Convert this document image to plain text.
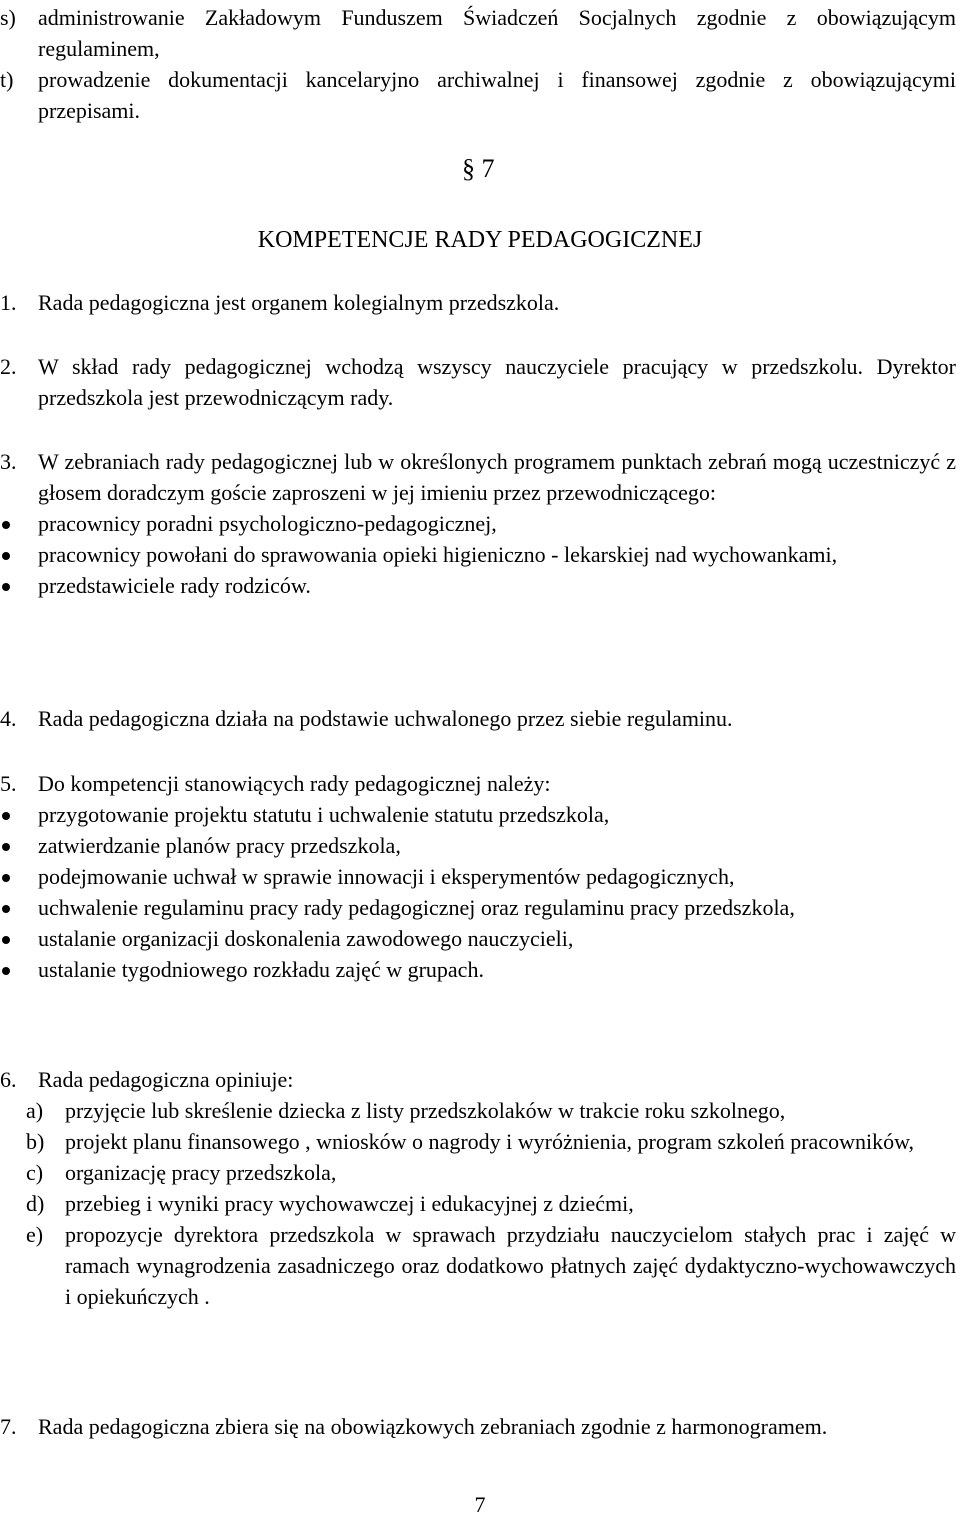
s) administrowanie Zakładowym Funduszem Świadczeń Socjalnych zgodnie z obowiązującym regulaminem,
t) prowadzenie dokumentacji kancelaryjno archiwalnej i finansowej zgodnie z obowiązującymi przepisami.
§ 7
KOMPETENCJE RADY PEDAGOGICZNEJ
1. Rada pedagogiczna jest organem kolegialnym przedszkola.
2. W skład rady pedagogicznej wchodzą wszyscy nauczyciele pracujący w przedszkolu. Dyrektor przedszkola jest przewodniczącym rady.
3. W zebraniach rady pedagogicznej lub w określonych programem punktach zebrań mogą uczestniczyć z głosem doradczym goście zaproszeni w jej imieniu przez przewodniczącego:
pracownicy poradni psychologiczno-pedagogicznej,
pracownicy powołani do sprawowania opieki higieniczno - lekarskiej nad wychowankami,
przedstawiciele rady rodziców.
4. Rada pedagogiczna działa na podstawie uchwalonego przez siebie regulaminu.
5. Do kompetencji stanowiących rady pedagogicznej należy:
przygotowanie projektu statutu i uchwalenie statutu przedszkola,
zatwierdzanie planów pracy przedszkola,
podejmowanie uchwał w sprawie innowacji i eksperymentów pedagogicznych,
uchwalenie regulaminu pracy rady pedagogicznej oraz regulaminu pracy przedszkola,
ustalanie organizacji doskonalenia zawodowego nauczycieli,
ustalanie tygodniowego rozkładu zajęć w grupach.
6. Rada pedagogiczna opiniuje:
a) przyjęcie lub skreślenie dziecka z listy przedszkolaków w trakcie roku szkolnego,
b) projekt planu finansowego , wniosków o nagrody i wyróżnienia, program szkoleń pracowników,
c) organizację pracy przedszkola,
d) przebieg i wyniki pracy wychowawczej i edukacyjnej z dziećmi,
e) propozycje dyrektora przedszkola w sprawach przydziału nauczycielom stałych prac i zajęć w ramach wynagrodzenia zasadniczego oraz dodatkowo płatnych zajęć dydaktyczno-wychowawczych i opiekuńczych .
7. Rada pedagogiczna zbiera się na obowiązkowych zebraniach zgodnie z harmonogramem.
7
